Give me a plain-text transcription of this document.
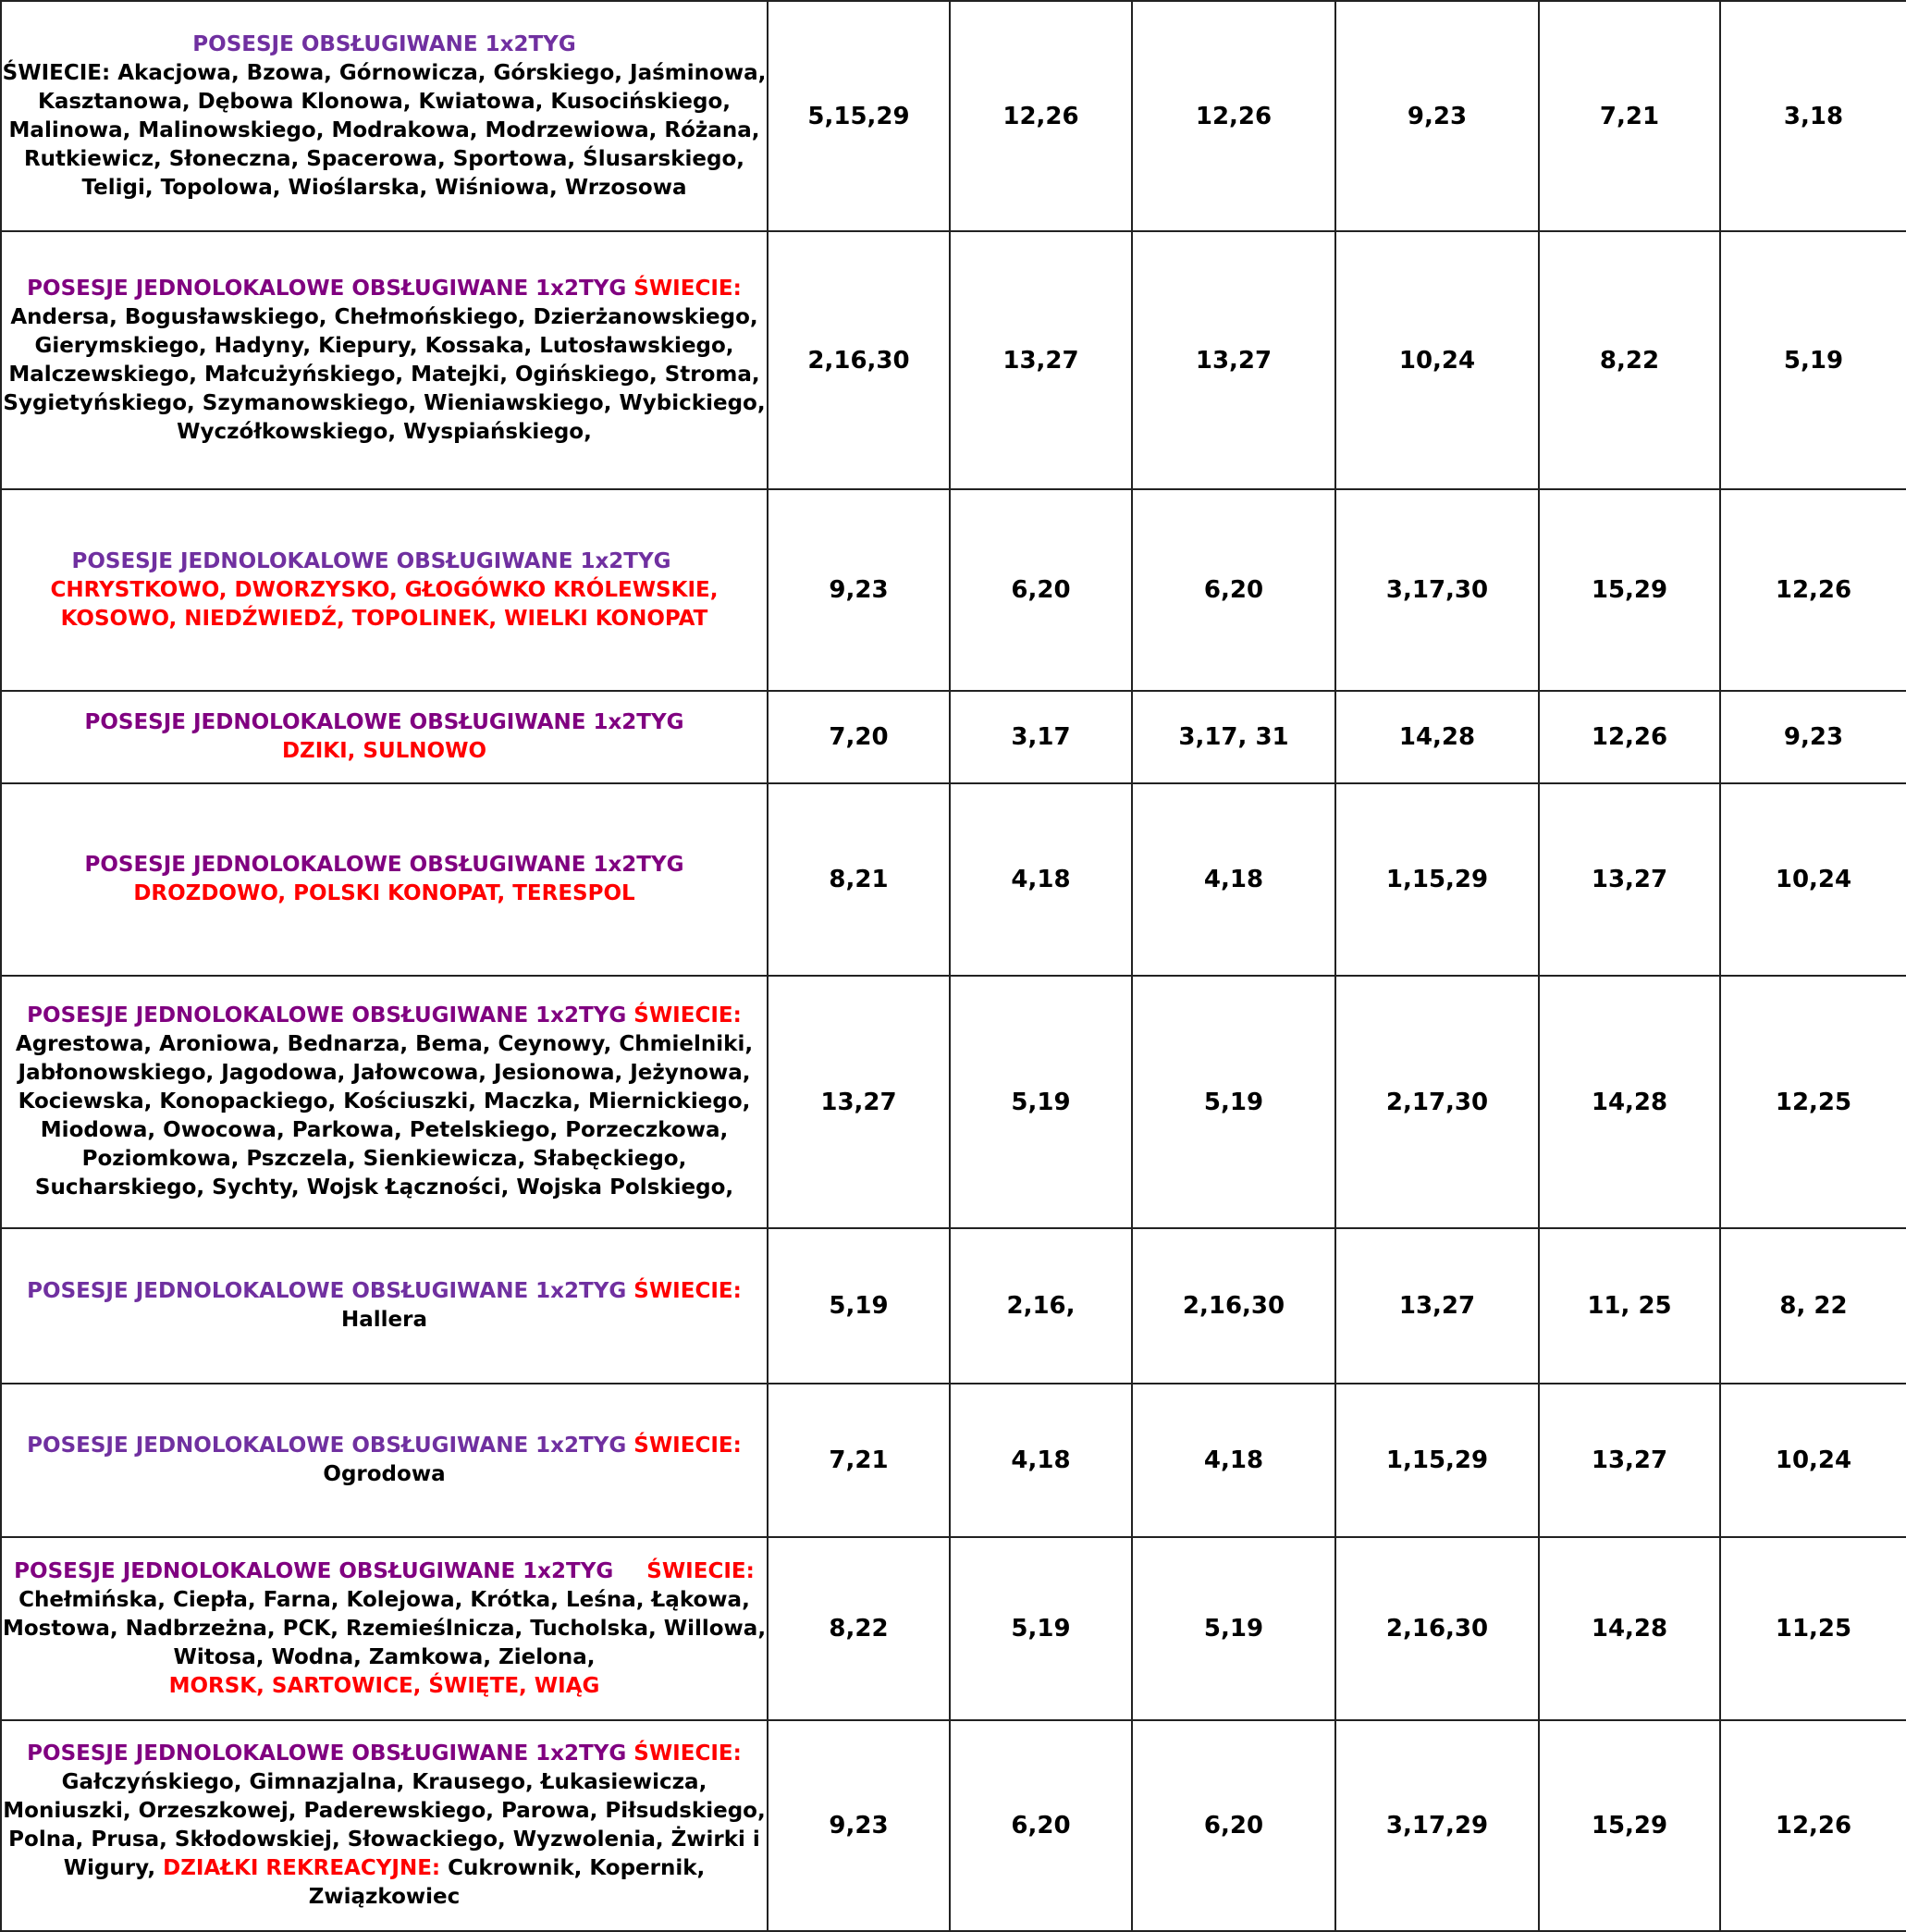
POSESJE OBSŁUGIWANE 1x2TYG
ŚWIECIE: Akacjowa, Bzowa, Górnowicza, Górskiego, Jaśminowa, Kasztanowa, Dębowa Klonowa, Kwiatowa, Kusocińskiego, Malinowa, Malinowskiego, Modrakowa, Modrzewiowa, Różana, Rutkiewicz, Słoneczna, Spacerowa, Sportowa, Ślusarskiego, Teligi, Topolowa, Wioślarska, Wiśniowa, Wrzosowa	5,15,29	12,26	12,26	9,23	7,21	3,18
POSESJE JEDNOLOKALOWE OBSŁUGIWANE 1x2TYG ŚWIECIE:
Andersa, Bogusławskiego, Chełmońskiego, Dzierżanowskiego, Gierymskiego, Hadyny, Kiepury, Kossaka, Lutosławskiego, Malczewskiego, Małcużyńskiego, Matejki, Ogińskiego, Stroma, Sygietyńskiego, Szymanowskiego, Wieniawskiego, Wybickiego, Wyczółkowskiego, Wyspiańskiego,	2,16,30	13,27	13,27	10,24	8,22	5,19
POSESJE JEDNOLOKALOWE OBSŁUGIWANE 1x2TYG CHRYSTKOWO, DWORZYSKO, GŁOGÓWKO KRÓLEWSKIE, KOSOWO, NIEDŹWIEDŹ, TOPOLINEK, WIELKI KONOPAT	9,23	6,20	6,20	3,17,30	15,29	12,26

POSESJE JEDNOLOKALOWE OBSŁUGIWANE 1x2TYG
DZIKI, SULNOWO	7,20	3,17	3,17, 31	14,28	12,26	9,23

POSESJE JEDNOLOKALOWE OBSŁUGIWANE 1x2TYG
DROZDOWO, POLSKI KONOPAT, TERESPOL	8,21	4,18	4,18	1,15,29	13,27	10,24
POSESJE JEDNOLOKALOWE OBSŁUGIWANE 1x2TYG ŚWIECIE:
Agrestowa, Aroniowa, Bednarza, Bema, Ceynowy, Chmielniki, Jabłonowskiego, Jagodowa, Jałowcowa, Jesionowa, Jeżynowa, Kociewska, Konopackiego, Kościuszki, Maczka, Miernickiego, Miodowa, Owocowa, Parkowa, Petelskiego, Porzeczkowa, Poziomkowa, Pszczela, Sienkiewicza, Słabęckiego, Sucharskiego, Sychty, Wojsk Łączności, Wojska Polskiego,	13,27	5,19	5,19	2,17,30	14,28	12,25
POSESJE JEDNOLOKALOWE OBSŁUGIWANE 1x2TYG ŚWIECIE:
Hallera	5,19	2,16,	2,16,30	13,27	11, 25	8, 22
POSESJE JEDNOLOKALOWE OBSŁUGIWANE 1x2TYG ŚWIECIE:
Ogrodowa	7,21	4,18	4,18	1,15,29	13,27	10,24
POSESJE JEDNOLOKALOWE OBSŁUGIWANE 1x2TYG ŚWIECIE:
Chełmińska, Ciepła, Farna, Kolejowa, Krótka, Leśna, Łąkowa, Mostowa, Nadbrzeżna, PCK, Rzemieślnicza, Tucholska, Willowa, Witosa, Wodna, Zamkowa, Zielona,
MORSK, SARTOWICE, ŚWIĘTE, WIĄG	8,22	5,19	5,19	2,16,30	14,28	11,25
POSESJE JEDNOLOKALOWE OBSŁUGIWANE 1x2TYG ŚWIECIE:
Gałczyńskiego, Gimnazjalna, Krausego, Łukasiewicza, Moniuszki, Orzeszkowej, Paderewskiego, Parowa, Piłsudskiego, Polna, Prusa, Skłodowskiej, Słowackiego, Wyzwolenia, Żwirki i Wigury, DZIAŁKI REKREACYJNE: Cukrownik, Kopernik, Związkowiec	9,23	6,20	6,20	3,17,29	15,29	12,26
